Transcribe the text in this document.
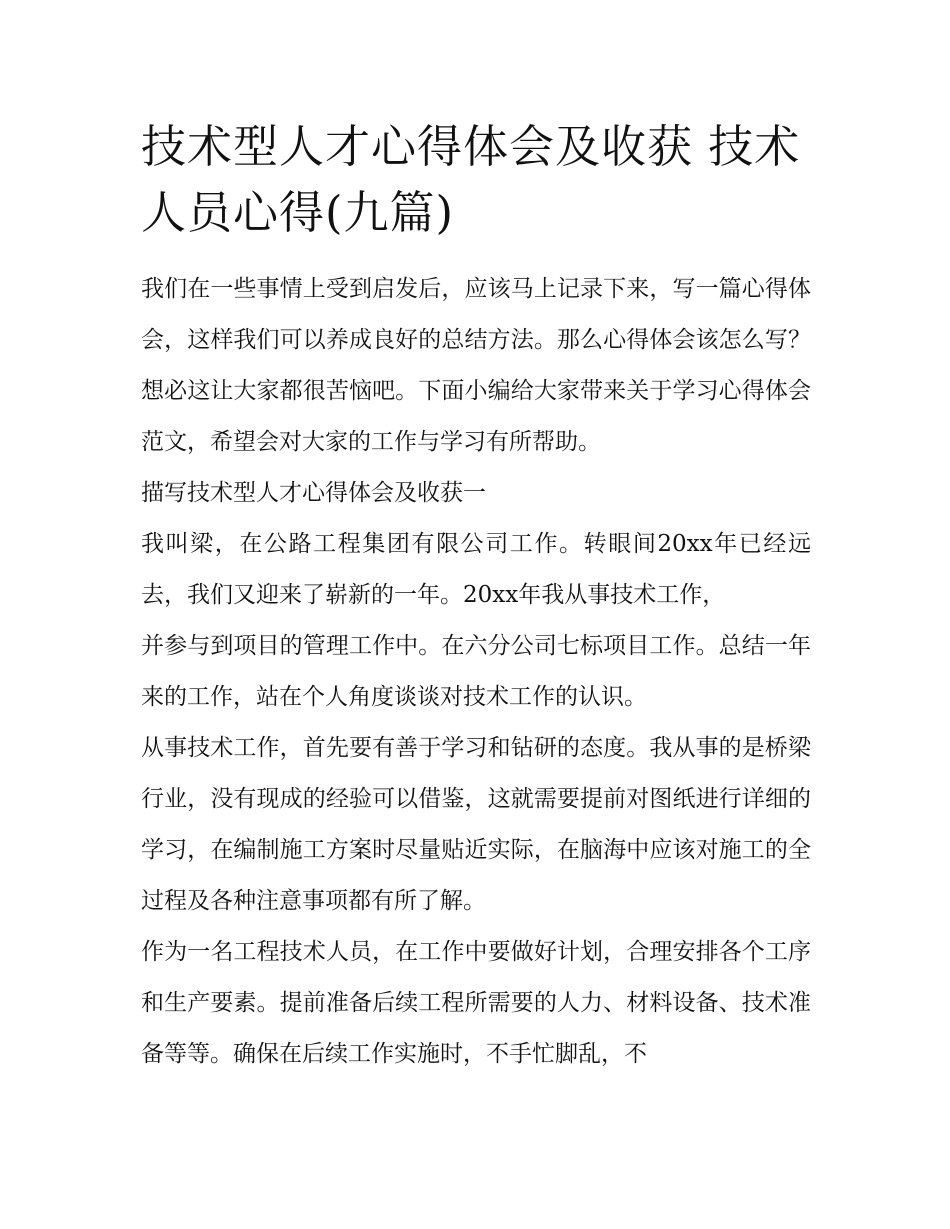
技术型人才心得体会及收获 技术人员心得(九篇)

我们在一些事情上受到启发后，应该马上记录下来，写一篇心得体会，这样我们可以养成良好的总结方法。那么心得体会该怎么写？想必这让大家都很苦恼吧。下面小编给大家带来关于学习心得体会范文，希望会对大家的工作与学习有所帮助。

描写技术型人才心得体会及收获一

我叫梁，在公路工程集团有限公司工作。转眼间20xx年已经远去，我们又迎来了崭新的一年。20xx年我从事技术工作，

并参与到项目的管理工作中。在六分公司七标项目工作。总结一年来的工作，站在个人角度谈谈对技术工作的认识。

从事技术工作，首先要有善于学习和钻研的态度。我从事的是桥梁行业，没有现成的经验可以借鉴，这就需要提前对图纸进行详细的学习，在编制施工方案时尽量贴近实际，在脑海中应该对施工的全过程及各种注意事项都有所了解。

作为一名工程技术人员，在工作中要做好计划，合理安排各个工序和生产要素。提前准备后续工程所需要的人力、材料设备、技术准备等等。确保在后续工作实施时，不手忙脚乱，不
